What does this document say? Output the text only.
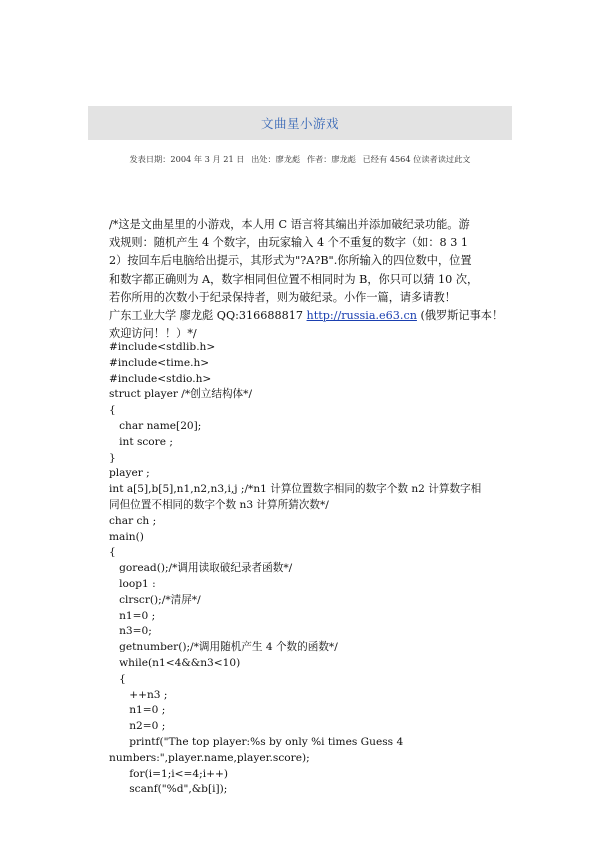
文曲星小游戏
发表日期：2004 年 3 月 21 日 出处：廖龙彪 作者：廖龙彪 已经有 4564 位读者读过此文
/*这是文曲星里的小游戏，本人用 C 语言将其编出并添加破纪录功能。游
戏规则：随机产生 4 个数字，由玩家输入 4 个不重复的数字（如：8 3 1
2）按回车后电脑给出提示，其形式为"?A?B".你所输入的四位数中，位置
和数字都正确则为 A，数字相同但位置不相同时为 B，你只可以猜 10 次，
若你所用的次数小于纪录保持者，则为破纪录。小作一篇，请多请教！
广东工业大学 廖龙彪 QQ:316688817 http://russia.e63.cn (俄罗斯记事本！
欢迎访问！！）*/
#include<stdlib.h>
#include<time.h>
#include<stdio.h>
struct player /*创立结构体*/
{
char name[20];
int score ;
}
player ;
int a[5],b[5],n1,n2,n3,i,j ;/*n1 计算位置数字相同的数字个数 n2 计算数字相
同但位置不相同的数字个数 n3 计算所猜次数*/
char ch ;
main()
{
goread();/*调用读取破纪录者函数*/
loop1 :
clrscr();/*清屏*/
n1=0 ;
n3=0;
getnumber();/*调用随机产生 4 个数的函数*/
while(n1<4&&n3<10)
{
++n3 ;
n1=0 ;
n2=0 ;
printf("The top player:%s by only %i times Guess 4
numbers:",player.name,player.score);
for(i=1;i<=4;i++)
scanf("%d",&b[i]);
